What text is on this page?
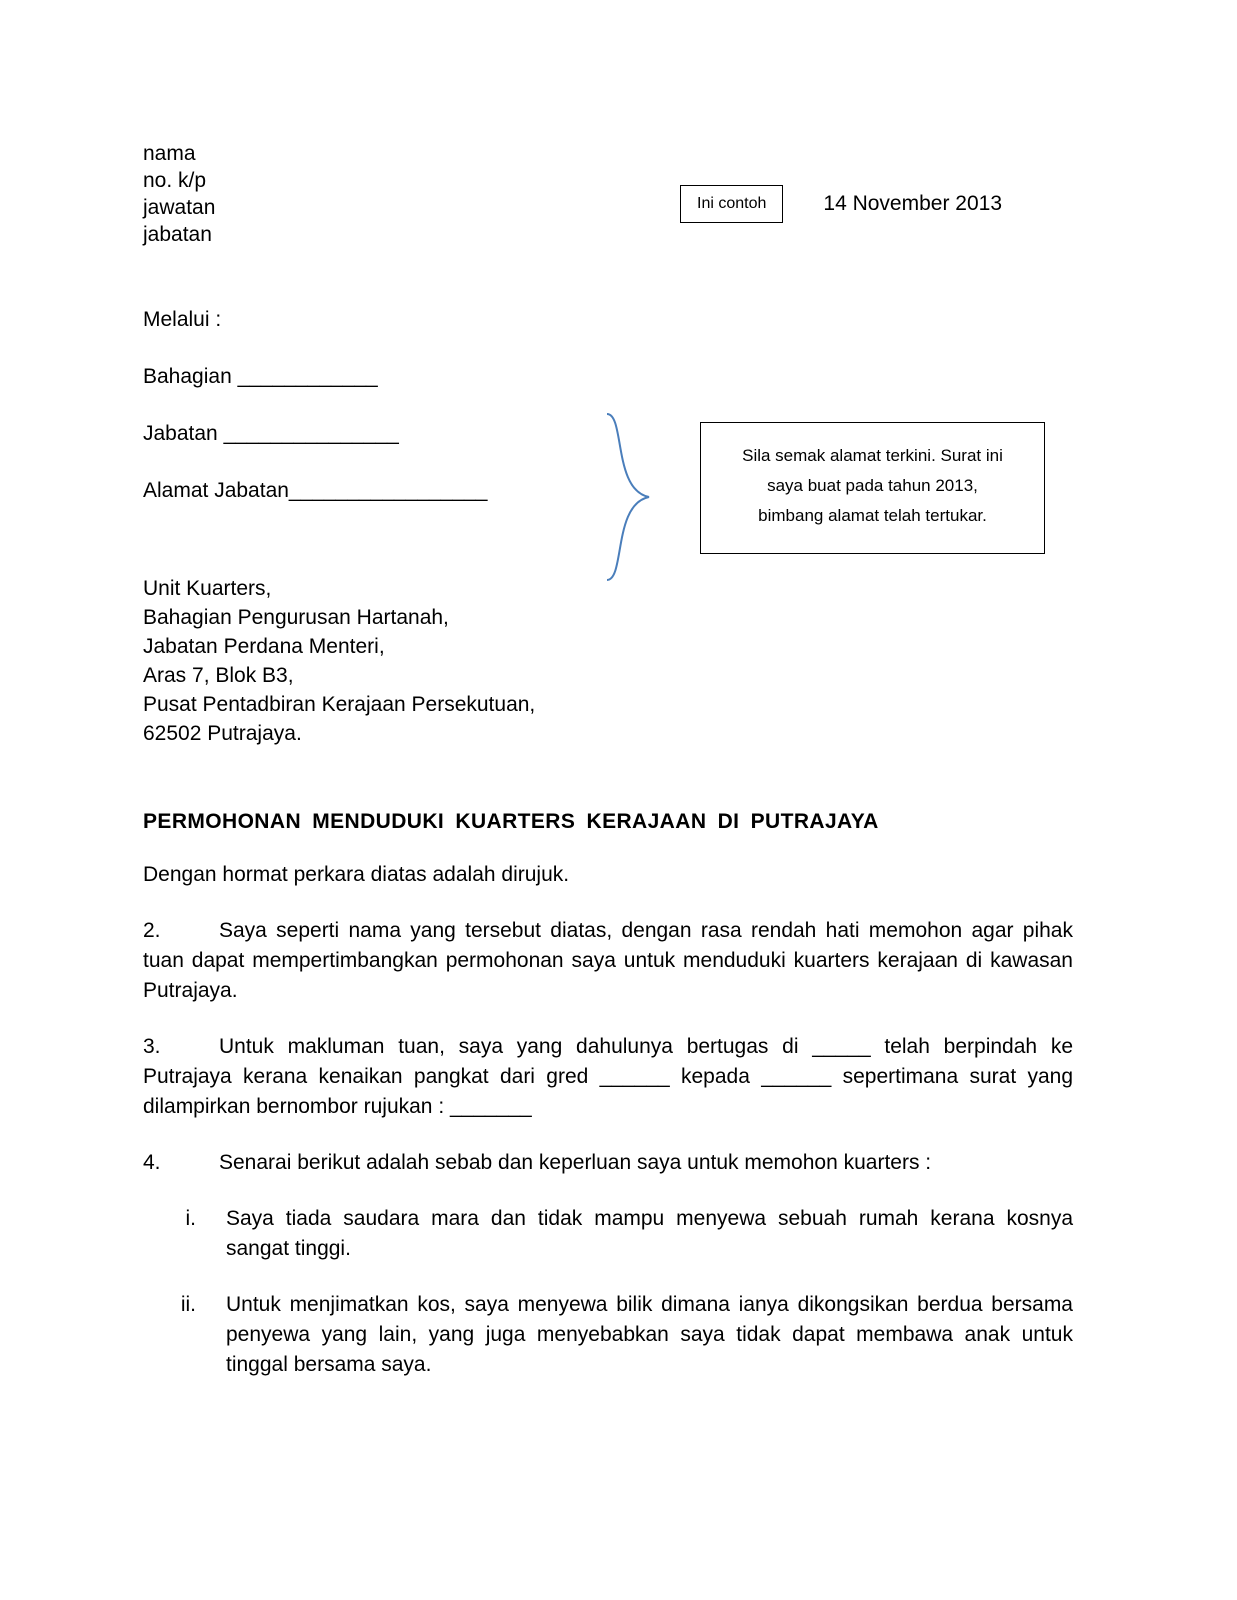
nama
no. k/p
jawatan
jabatan
Melalui :
Bahagian ____________
Jabatan _______________
Alamat Jabatan_________________
Unit Kuarters,
Bahagian Pengurusan Hartanah,
Jabatan Perdana Menteri,
Aras 7, Blok B3,
Pusat Pentadbiran Kerajaan Persekutuan,
62502 Putrajaya.
PERMOHONAN MENDUDUKI KUARTERS KERAJAAN DI PUTRAJAYA
Dengan hormat perkara diatas adalah dirujuk.
2.	Saya seperti nama yang tersebut diatas, dengan rasa rendah hati memohon agar pihak tuan dapat mempertimbangkan permohonan saya untuk menduduki kuarters kerajaan di kawasan Putrajaya.
3.	Untuk makluman tuan, saya yang dahulunya bertugas di _____ telah berpindah ke Putrajaya kerana kenaikan pangkat dari gred ______ kepada ______ sepertimana surat yang dilampirkan bernombor rujukan : _______
4.	Senarai berikut adalah sebab dan keperluan saya untuk memohon kuarters :
i. Saya tiada saudara mara dan tidak mampu menyewa sebuah rumah kerana kosnya sangat tinggi.
ii. Untuk menjimatkan kos, saya menyewa bilik dimana ianya dikongsikan berdua bersama penyewa yang lain, yang juga menyebabkan saya tidak dapat membawa anak untuk tinggal bersama saya.
Ini contoh	14 November 2013
Sila semak alamat terkini. Surat ini
saya buat pada tahun 2013,
bimbang alamat telah tertukar.
